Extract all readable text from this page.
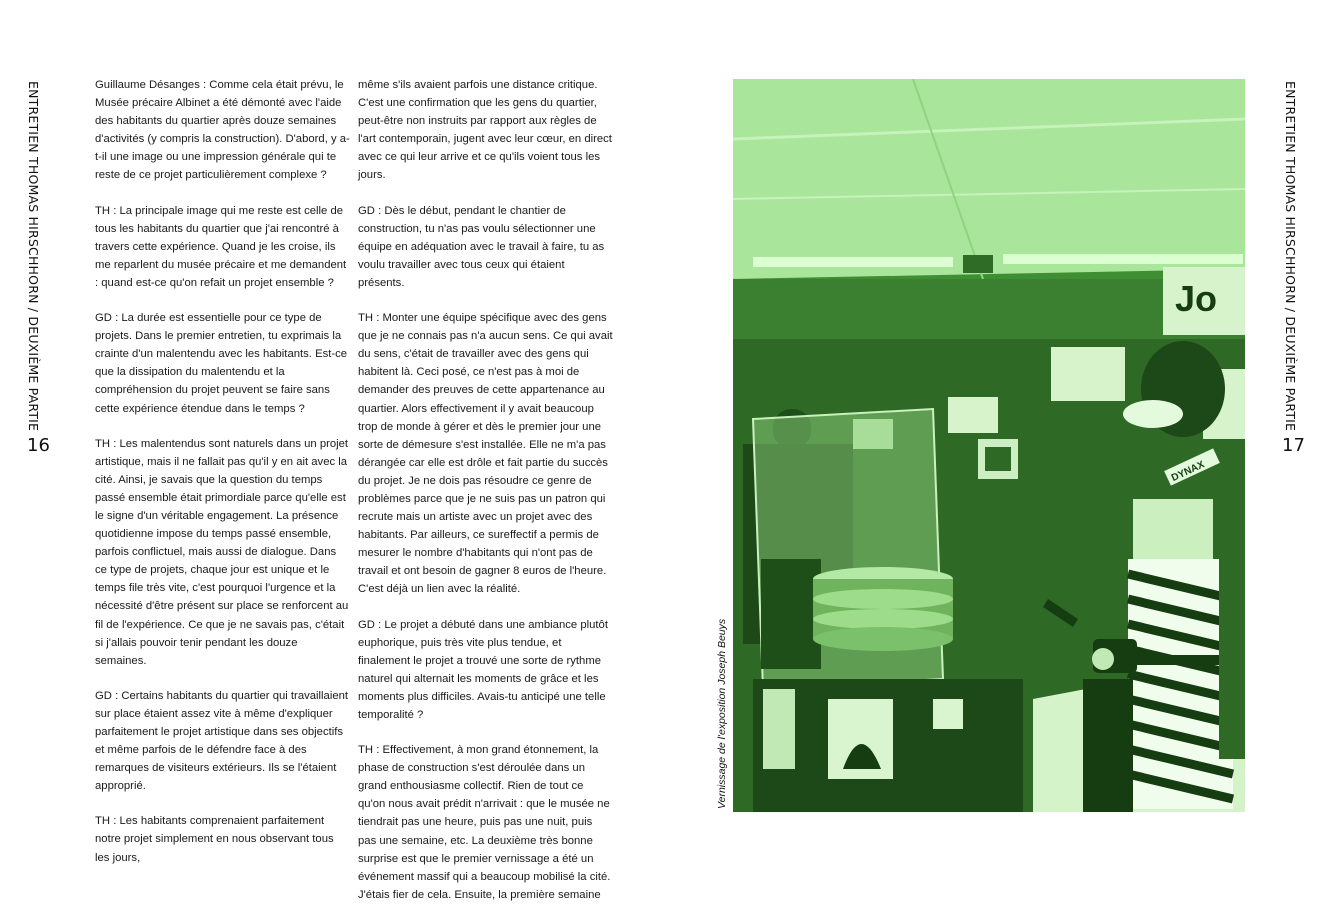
ENTRETIEN THOMAS HIRSCHHORN / DEUXIÈME PARTIE
16

Guillaume Désanges : Comme cela était prévu, le Musée précaire Albinet a été démonté avec l'aide des habitants du quartier après douze semaines d'activités (y compris la construction). D'abord, y a-t-il une image ou une impression générale qui te reste de ce projet particulièrement complexe ?

TH : La principale image qui me reste est celle de tous les habitants du quartier que j'ai rencontré à travers cette expérience. Quand je les croise, ils me reparlent du musée précaire et me demandent : quand est-ce qu'on refait un projet ensemble ?

GD : La durée est essentielle pour ce type de projets. Dans le premier entretien, tu exprimais la crainte d'un malentendu avec les habitants. Est-ce que la dissipation du malentendu et la compréhension du projet peuvent se faire sans cette expérience étendue dans le temps ?

TH : Les malentendus sont naturels dans un projet artistique, mais il ne fallait pas qu'il y en ait avec la cité. Ainsi, je savais que la question du temps passé ensemble était primordiale parce qu'elle est le signe d'un véritable engagement. La présence quotidienne impose du temps passé ensemble, parfois conflictuel, mais aussi de dialogue. Dans ce type de projets, chaque jour est unique et le temps file très vite, c'est pourquoi l'urgence et la nécessité d'être présent sur place se renforcent au fil de l'expérience. Ce que je ne savais pas, c'était si j'allais pouvoir tenir pendant les douze semaines.

GD : Certains habitants du quartier qui travaillaient sur place étaient assez vite à même d'expliquer parfaitement le projet artistique dans ses objectifs et même parfois de le défendre face à des remarques de visiteurs extérieurs. Ils se l'étaient approprié.

TH : Les habitants comprenaient parfaitement notre projet simplement en nous observant tous les jours,

même s'ils avaient parfois une distance critique. C'est une confirmation que les gens du quartier, peut-être non instruits par rapport aux règles de l'art contemporain, jugent avec leur cœur, en direct avec ce qui leur arrive et ce qu'ils voient tous les jours.

GD : Dès le début, pendant le chantier de construction, tu n'as pas voulu sélectionner une équipe en adéquation avec le travail à faire, tu as voulu travailler avec tous ceux qui étaient présents.

TH : Monter une équipe spécifique avec des gens que je ne connais pas n'a aucun sens. Ce qui avait du sens, c'était de travailler avec des gens qui habitent là. Ceci posé, ce n'est pas à moi de demander des preuves de cette appartenance au quartier. Alors effectivement il y avait beaucoup trop de monde à gérer et dès le premier jour une sorte de démesure s'est installée. Elle ne m'a pas dérangée car elle est drôle et fait partie du succès du projet. Je ne dois pas résoudre ce genre de problèmes parce que je ne suis pas un patron qui recrute mais un artiste avec un projet avec des habitants. Par ailleurs, ce sureffectif a permis de mesurer le nombre d'habitants qui n'ont pas de travail et ont besoin de gagner 8 euros de l'heure. C'est déjà un lien avec la réalité.

GD : Le projet a débuté dans une ambiance plutôt euphorique, puis très vite plus tendue, et finalement le projet a trouvé une sorte de rythme naturel qui alternait les moments de grâce et les moments plus difficiles. Avais-tu anticipé une telle temporalité ?

TH : Effectivement, à mon grand étonnement, la phase de construction s'est déroulée dans un grand enthousiasme collectif. Rien de tout ce qu'on nous avait prédit n'arrivait : que le musée ne tiendrait pas une heure, puis pas une nuit, puis pas une semaine, etc. La deuxième très bonne surprise est que le premier vernissage a été un événement massif qui a beaucoup mobilisé la cité. J'étais fier de cela. Ensuite, la première semaine

Vernissage de l'exposition Joseph Beuys
Jo
DYNAX
ENTRETIEN THOMAS HIRSCHHORN / DEUXIÈME PARTIE
17
